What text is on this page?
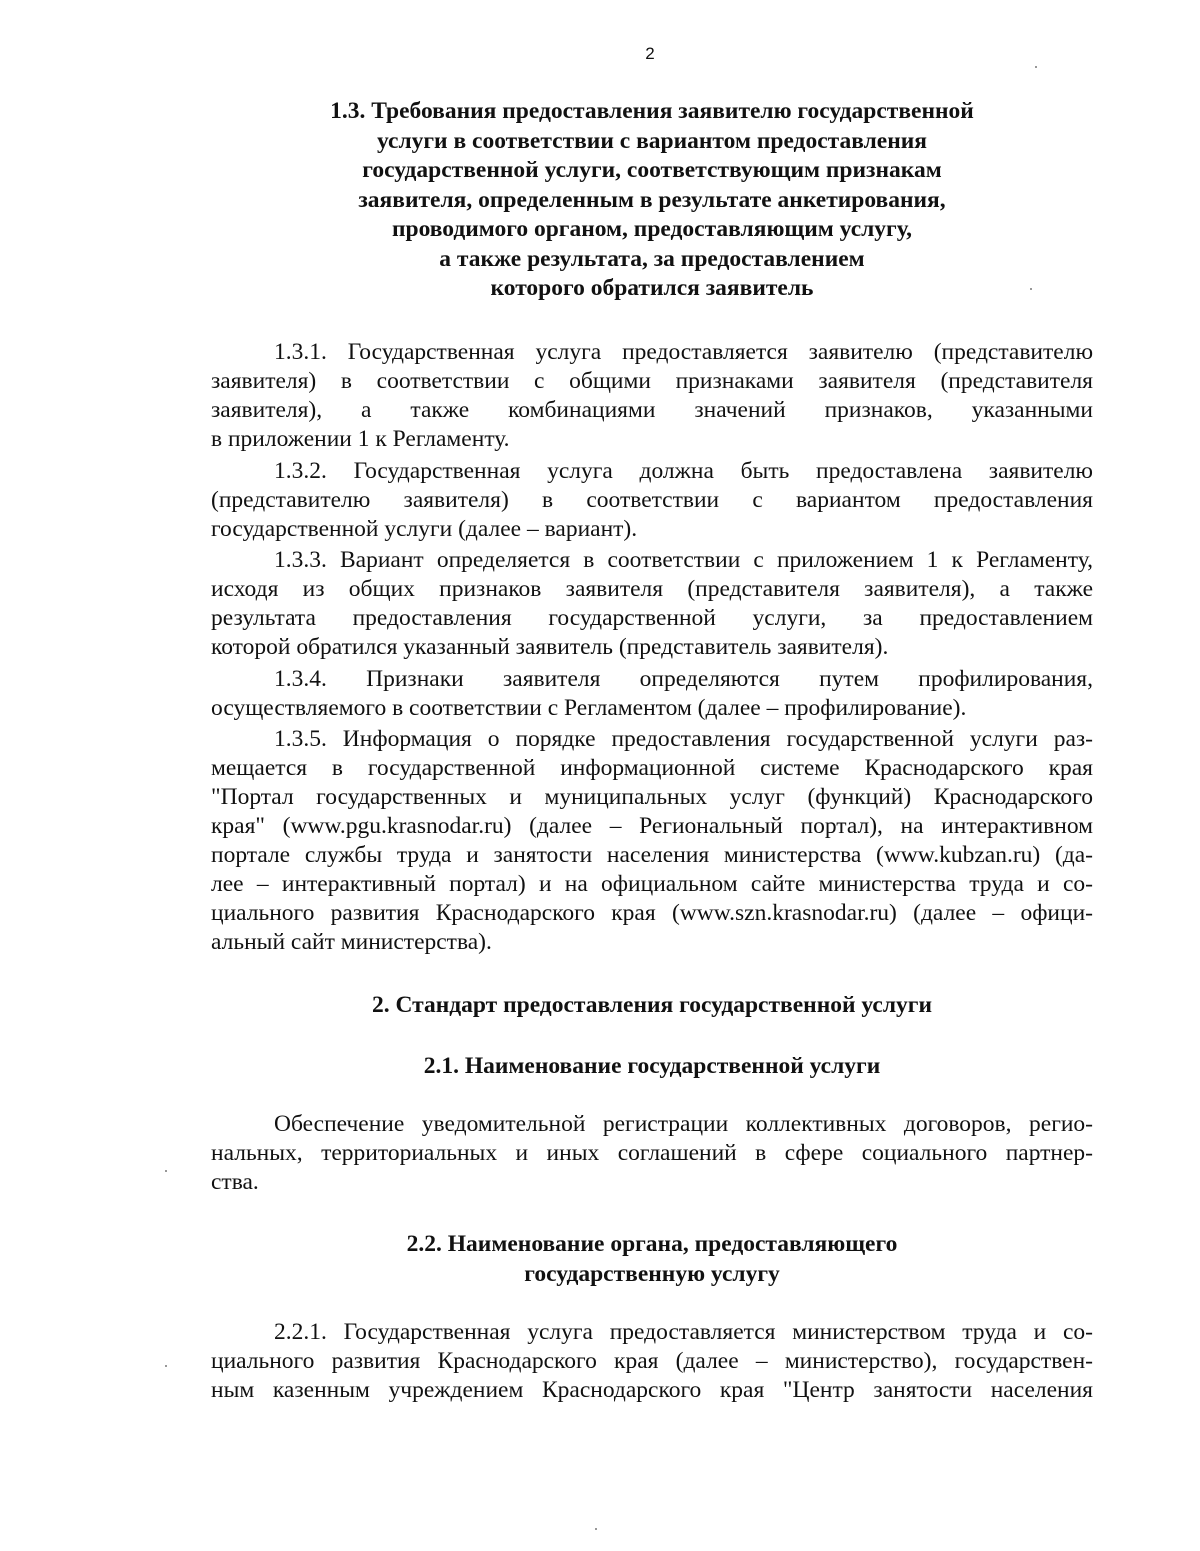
2
1.3. Требования предоставления заявителю государственной
услуги в соответствии с вариантом предоставления
государственной услуги, соответствующим признакам
заявителя, определенным в результате анкетирования,
проводимого органом, предоставляющим услугу,
а также результата, за предоставлением
которого обратился заявитель

1.3.1. Государственная услуга предоставляется заявителю (представителю
заявителя) в соответствии с общими признаками заявителя (представителя
заявителя), а также комбинациями значений признаков, указанными
в приложении 1 к Регламенту.

1.3.2. Государственная услуга должна быть предоставлена заявителю
(представителю заявителя) в соответствии с вариантом предоставления
государственной услуги (далее – вариант).

1.3.3. Вариант определяется в соответствии с приложением 1 к Регламенту,
исходя из общих признаков заявителя (представителя заявителя), а также
результата предоставления государственной услуги, за предоставлением
которой обратился указанный заявитель (представитель заявителя).

1.3.4. Признаки заявителя определяются путем профилирования,
осуществляемого в соответствии с Регламентом (далее – профилирование).

1.3.5. Информация о порядке предоставления государственной услуги раз-
мещается в государственной информационной системе Краснодарского края
"Портал государственных и муниципальных услуг (функций) Краснодарского
края" (www.pgu.krasnodar.ru) (далее – Региональный портал), на интерактивном
портале службы труда и занятости населения министерства (www.kubzan.ru) (да-
лее – интерактивный портал) и на официальном сайте министерства труда и со-
циального развития Краснодарского края (www.szn.krasnodar.ru) (далее – офици-
альный сайт министерства).

2. Стандарт предоставления государственной услуги
2.1. Наименование государственной услуги

Обеспечение уведомительной регистрации коллективных договоров, регио-
нальных, территориальных и иных соглашений в сфере социального партнер-
ства.

2.2. Наименование органа, предоставляющего
государственную услугу

2.2.1. Государственная услуга предоставляется министерством труда и со-
циального развития Краснодарского края (далее – министерство), государствен-
ным казенным учреждением Краснодарского края "Центр занятости населения
